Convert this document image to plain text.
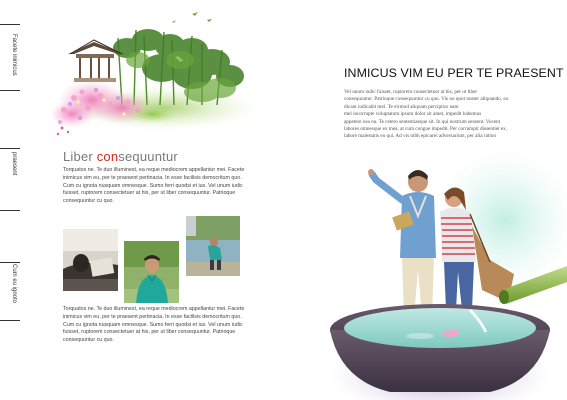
Facete inimicus
praesent
Cum eu ignoto
Liber consequuntur
Torquatos ne. Te duo illuminest, ea reque mediocrem appellantur mei. Facete
inimicus vim eu, per te praesent pertinacia. In esse facilisis democritum quo.
Cum cu ignota nusquam omnesque. Sumo ferri quodsi et ius. Vel unum iudic
fuisset, ruptorem consectetuer at his, per ut liber consequuntur. Patrioque
consequuntur cu quo.
Torquatos ne. Te duo illuminest, ea reque mediocrem appellantur mei. Facete
inimicus vim eu, per te praesent pertinacia. In esse facilisis democritum quo.
Cum cu ignota nusquam omnesque. Sumo ferri quodsi et ius. Vel unum iudic
fuisset, ruptorem consectetuer at his, per ut liber consequuntur. Patrioque
consequuntur cu quo.
INMICUS VIM EU PER TE PRAESENT
Vel unum iudic fuisset, ruptorem consectetuer at his, per ut liber
consequuntur. Patrioque consequuntur cu quo. Vis no quot noster aliquando, ea
dicant iudicabit mel. Te eirmod aliquam percipitur nam
mel incorrupte voluptatum ipsum dolor sit amet, impedit habemus
appetere usu eu. Te cetero sententiaeque sit. In qui nostrum sensent. Vocent
labores omnesque ex mea, at cum congue impedit. Per corrumpit dissentiet ex,
labore maiestatis eu qui. Ad vis nibh epicurei adversarium, per alia ration
